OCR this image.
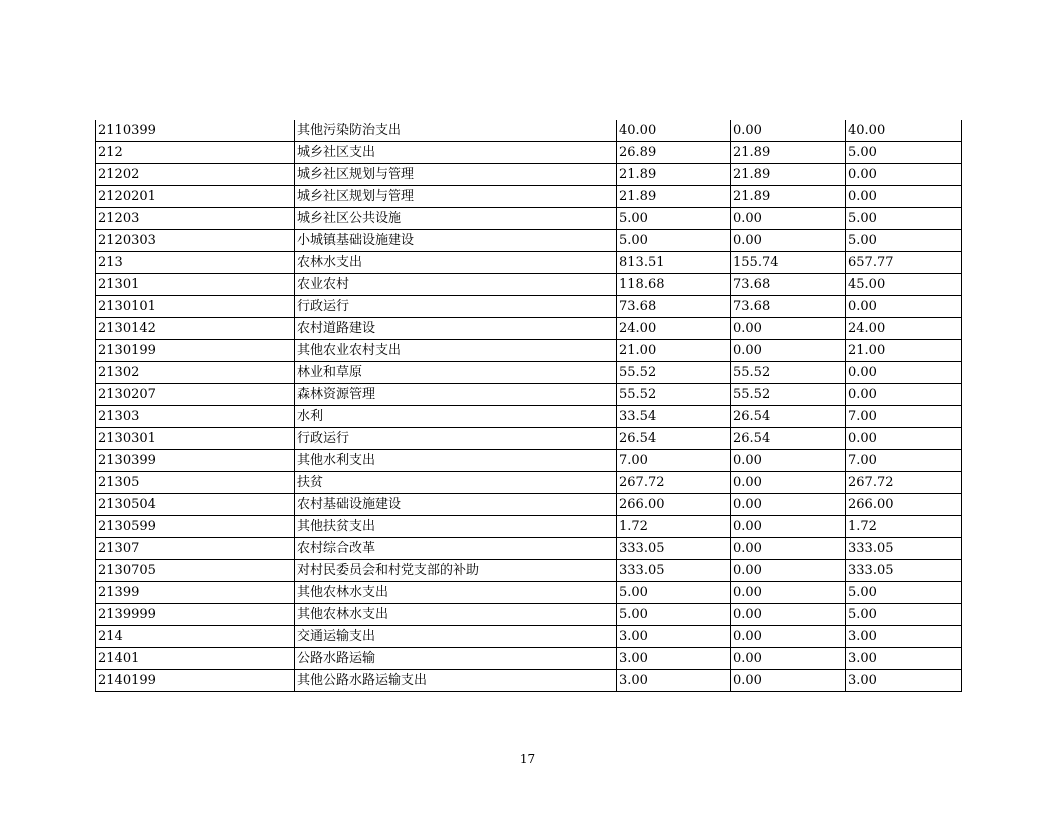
2110399	其他污染防治支出	40.00	0.00	40.00
212	城乡社区支出	26.89	21.89	5.00
21202	城乡社区规划与管理	21.89	21.89	0.00
2120201	城乡社区规划与管理	21.89	21.89	0.00
21203	城乡社区公共设施	5.00	0.00	5.00
2120303	小城镇基础设施建设	5.00	0.00	5.00
213	农林水支出	813.51	155.74	657.77
21301	农业农村	118.68	73.68	45.00
2130101	行政运行	73.68	73.68	0.00
2130142	农村道路建设	24.00	0.00	24.00
2130199	其他农业农村支出	21.00	0.00	21.00
21302	林业和草原	55.52	55.52	0.00
2130207	森林资源管理	55.52	55.52	0.00
21303	水利	33.54	26.54	7.00
2130301	行政运行	26.54	26.54	0.00
2130399	其他水利支出	7.00	0.00	7.00
21305	扶贫	267.72	0.00	267.72
2130504	农村基础设施建设	266.00	0.00	266.00
2130599	其他扶贫支出	1.72	0.00	1.72
21307	农村综合改革	333.05	0.00	333.05
2130705	对村民委员会和村党支部的补助	333.05	0.00	333.05
21399	其他农林水支出	5.00	0.00	5.00
2139999	其他农林水支出	5.00	0.00	5.00
214	交通运输支出	3.00	0.00	3.00
21401	公路水路运输	3.00	0.00	3.00
2140199	其他公路水路运输支出	3.00	0.00	3.00
17
